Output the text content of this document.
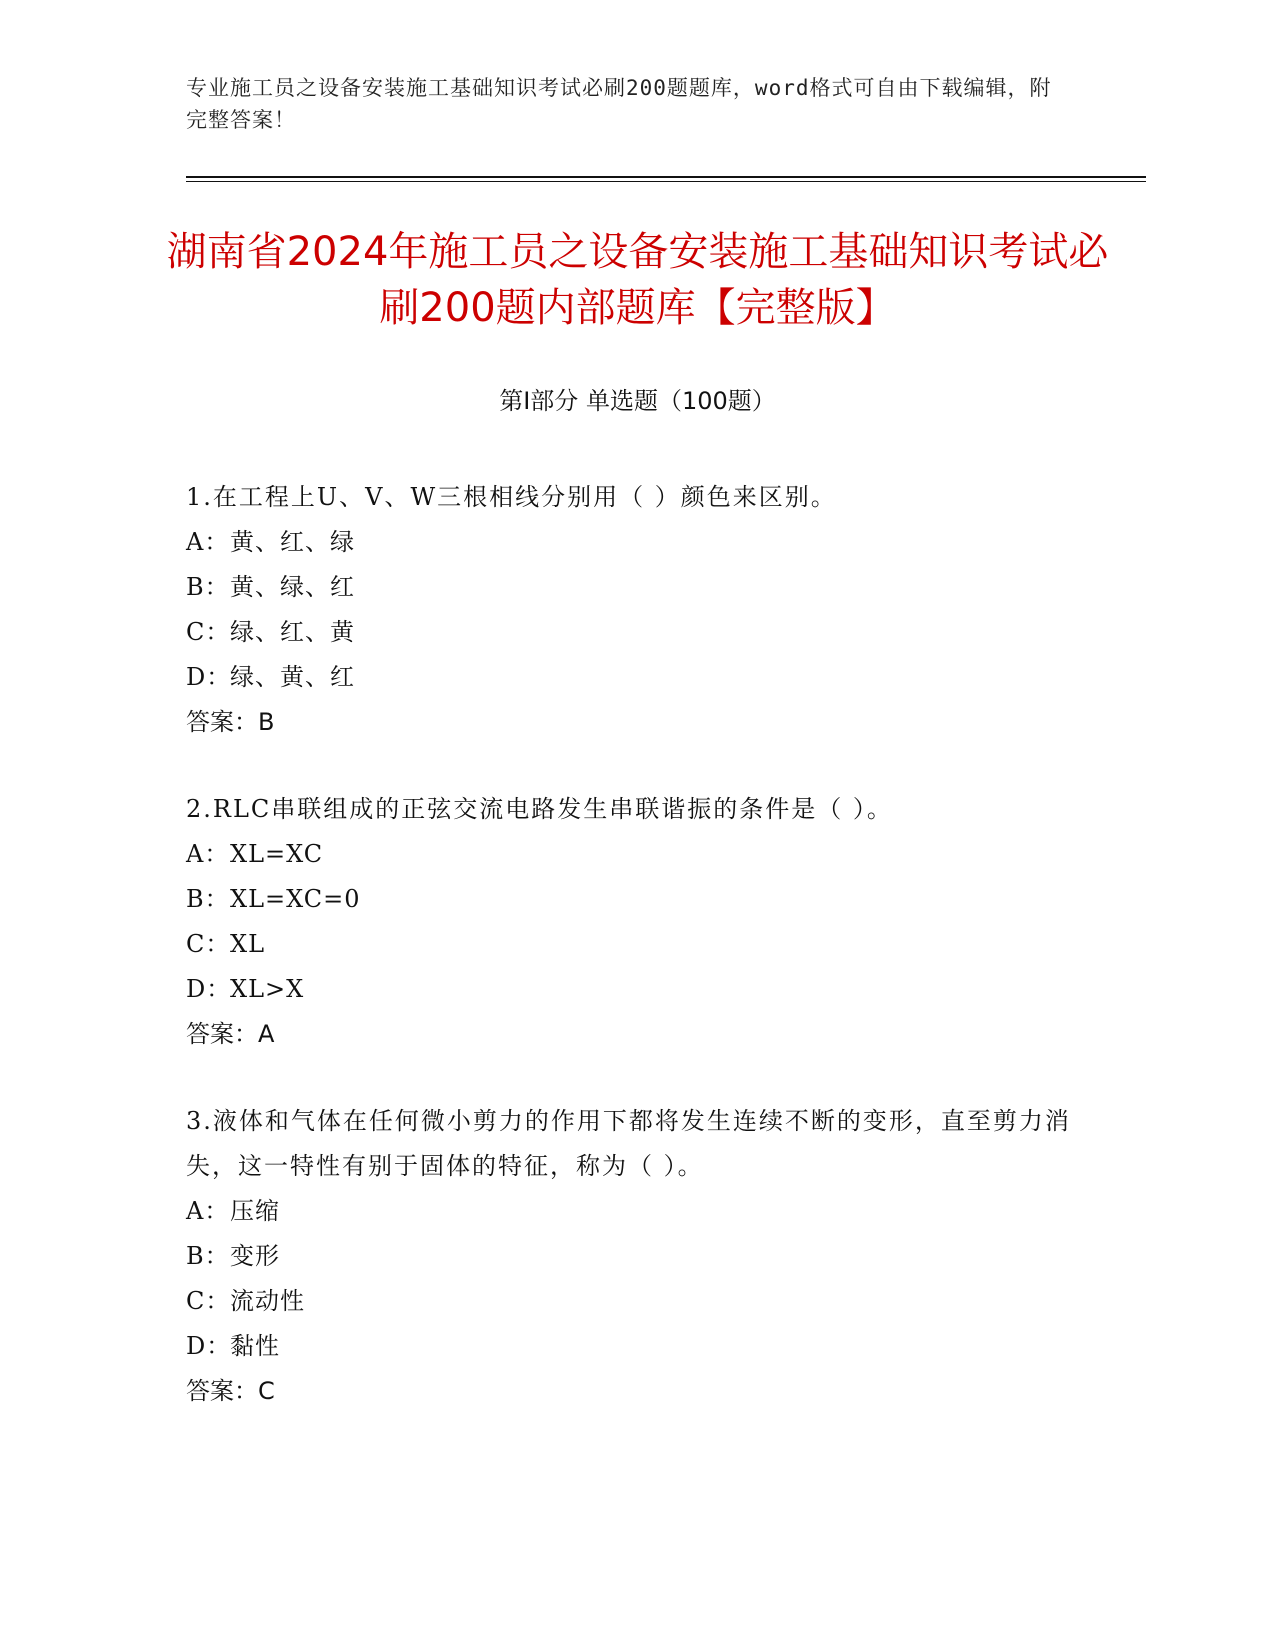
专业施工员之设备安装施工基础知识考试必刷200题题库，word格式可自由下载编辑，附完整答案！
湖南省2024年施工员之设备安装施工基础知识考试必刷200题内部题库【完整版】
第I部分 单选题（100题）
1.在工程上U、V、W三根相线分别用（ ）颜色来区别。
A：黄、红、绿
B：黄、绿、红
C：绿、红、黄
D：绿、黄、红
答案：B
2.RLC串联组成的正弦交流电路发生串联谐振的条件是（ ）。
A：XL=XC
B：XL=XC=0
C：XL
D：XL>X
答案：A
3.液体和气体在任何微小剪力的作用下都将发生连续不断的变形，直至剪力消失，这一特性有别于固体的特征，称为（ ）。
A：压缩
B：变形
C：流动性
D：黏性
答案：C
